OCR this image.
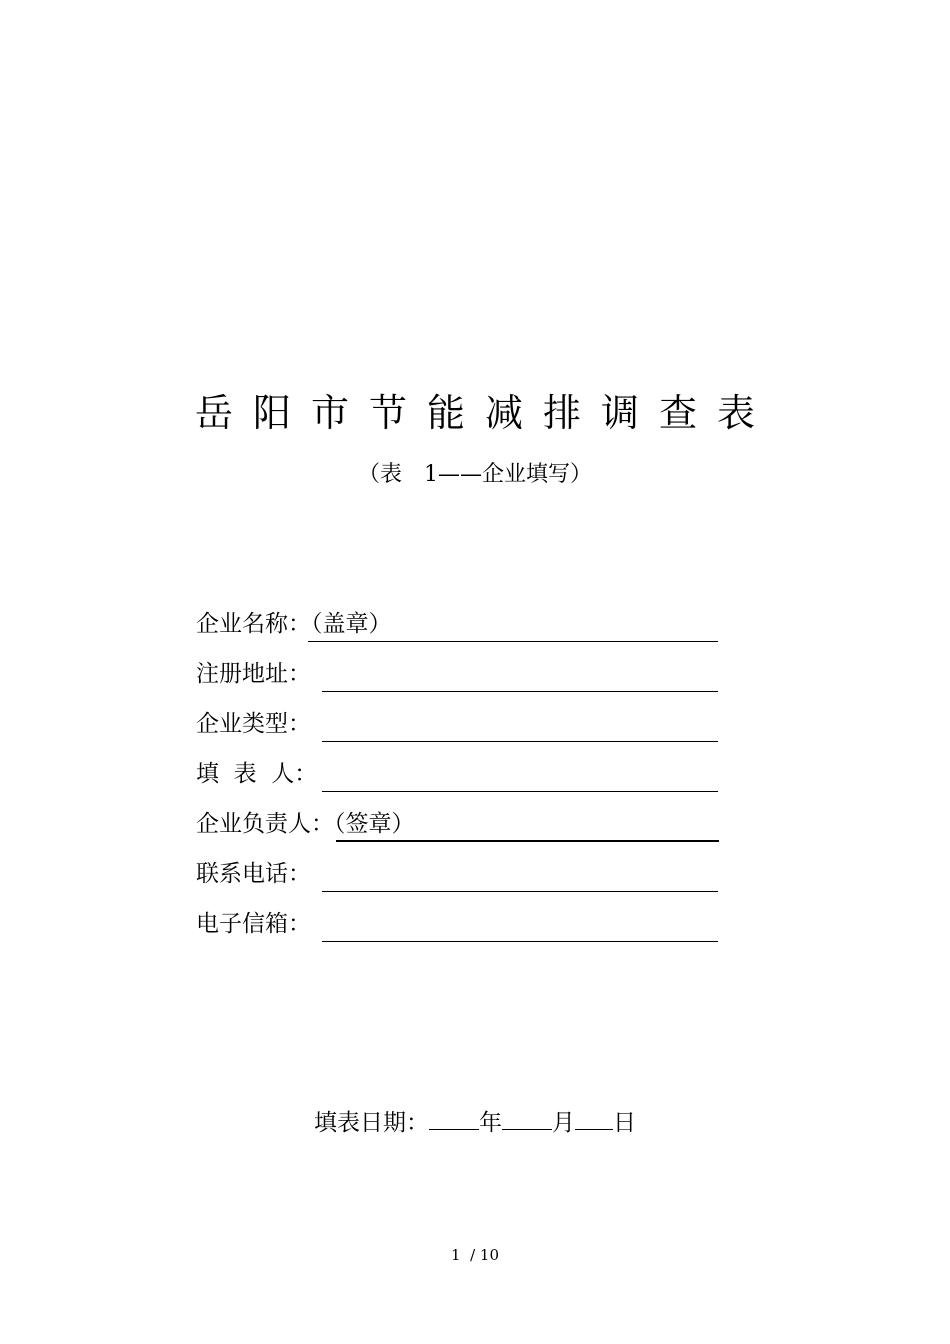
岳阳市节能减排调查表
（表　1——企业填写）
企业名称：（盖章）
注册地址：
企业类型：
填  表  人：
企业负责人：（签章）
联系电话：
电子信箱：
填表日期： 年 月 日
1  / 10
